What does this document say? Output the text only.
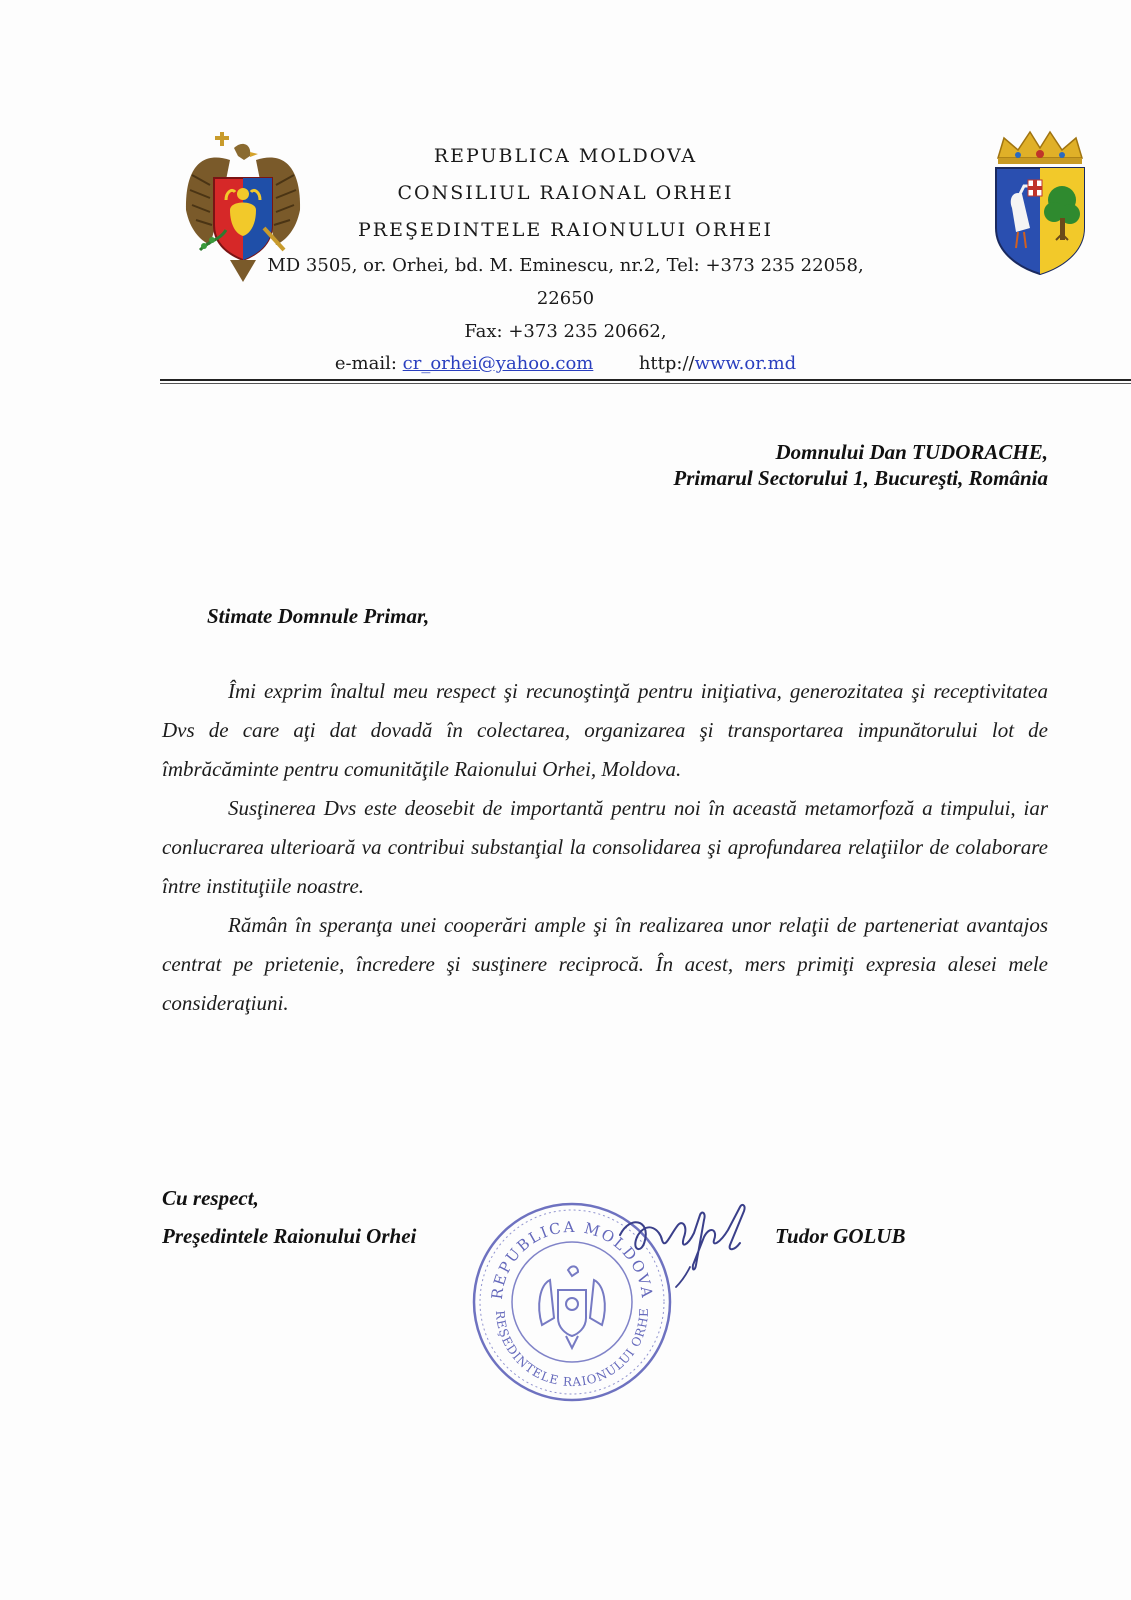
REPUBLICA MOLDOVA
CONSILIUL RAIONAL ORHEI
PREŞEDINTELE RAIONULUI ORHEI
MD 3505, or. Orhei, bd. M. Eminescu, nr.2, Tel: +373 235 22058,
22650
Fax: +373 235 20662,
e-mail: cr_orhei@yahoo.com	http://www.or.md
Domnului Dan TUDORACHE,
Primarul Sectorului 1, Bucureşti, România
Stimate Domnule Primar,

Îmi exprim înaltul meu respect şi recunoştinţă pentru iniţiativa, generozitatea şi receptivitatea Dvs de care aţi dat dovadă în colectarea, organizarea şi transportarea impunătorului lot de îmbrăcăminte pentru comunităţile Raionului Orhei, Moldova.

Susţinerea Dvs este deosebit de importantă pentru noi în această metamorfoză a timpului, iar conlucrarea ulterioară va contribui substanţial la consolidarea şi aprofundarea relaţiilor de colaborare între instituţiile noastre.

Rămân în speranţa unei cooperări ample şi în realizarea unor relaţii de parteneriat avantajos centrat pe prietenie, încredere şi susţinere reciprocă. În acest, mers primiţi expresia alesei mele consideraţiuni.

Cu respect,
Preşedintele Raionului Orhei	Tudor GOLUB
REPUBLICA MOLDOVA
REŞEDINTELE RAIONULUI ORHE
